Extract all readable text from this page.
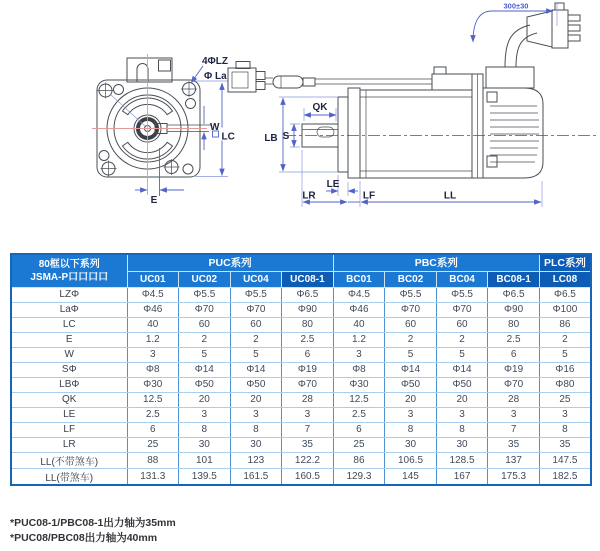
4ΦLZ
Φ La
LC
W
E
300±30
QK
S
LB
LE
LR	LF	LL
80框以下系列
JSMA-P口口口口	PUC系列				PBC系列				PLC系列
	UC01	UC02	UC04	UC08-1	BC01	BC02	BC04	BC08-1	LC08
LZΦ	Φ4.5	Φ5.5	Φ5.5	Φ6.5	Φ4.5	Φ5.5	Φ5.5	Φ6.5	Φ6.5
LaΦ	Φ46	Φ70	Φ70	Φ90	Φ46	Φ70	Φ70	Φ90	Φ100
LC	40	60	60	80	40	60	60	80	86
E	1.2	2	2	2.5	1.2	2	2	2.5	2
W	3	5	5	6	3	5	5	6	5
SΦ	Φ8	Φ14	Φ14	Φ19	Φ8	Φ14	Φ14	Φ19	Φ16
LBΦ	Φ30	Φ50	Φ50	Φ70	Φ30	Φ50	Φ50	Φ70	Φ80
QK	12.5	20	20	28	12.5	20	20	28	25
LE	2.5	3	3	3	2.5	3	3	3	3
LF	6	8	8	7	6	8	8	7	8
LR	25	30	30	35	25	30	30	35	35
LL(不带煞车)	88	101	123	122.2	86	106.5	128.5	137	147.5
LL(带煞车)	131.3	139.5	161.5	160.5	129.3	145	167	175.3	182.5
*PUC08-1/PBC08-1出力轴为35mm
*PUC08/PBC08出力轴为40mm
